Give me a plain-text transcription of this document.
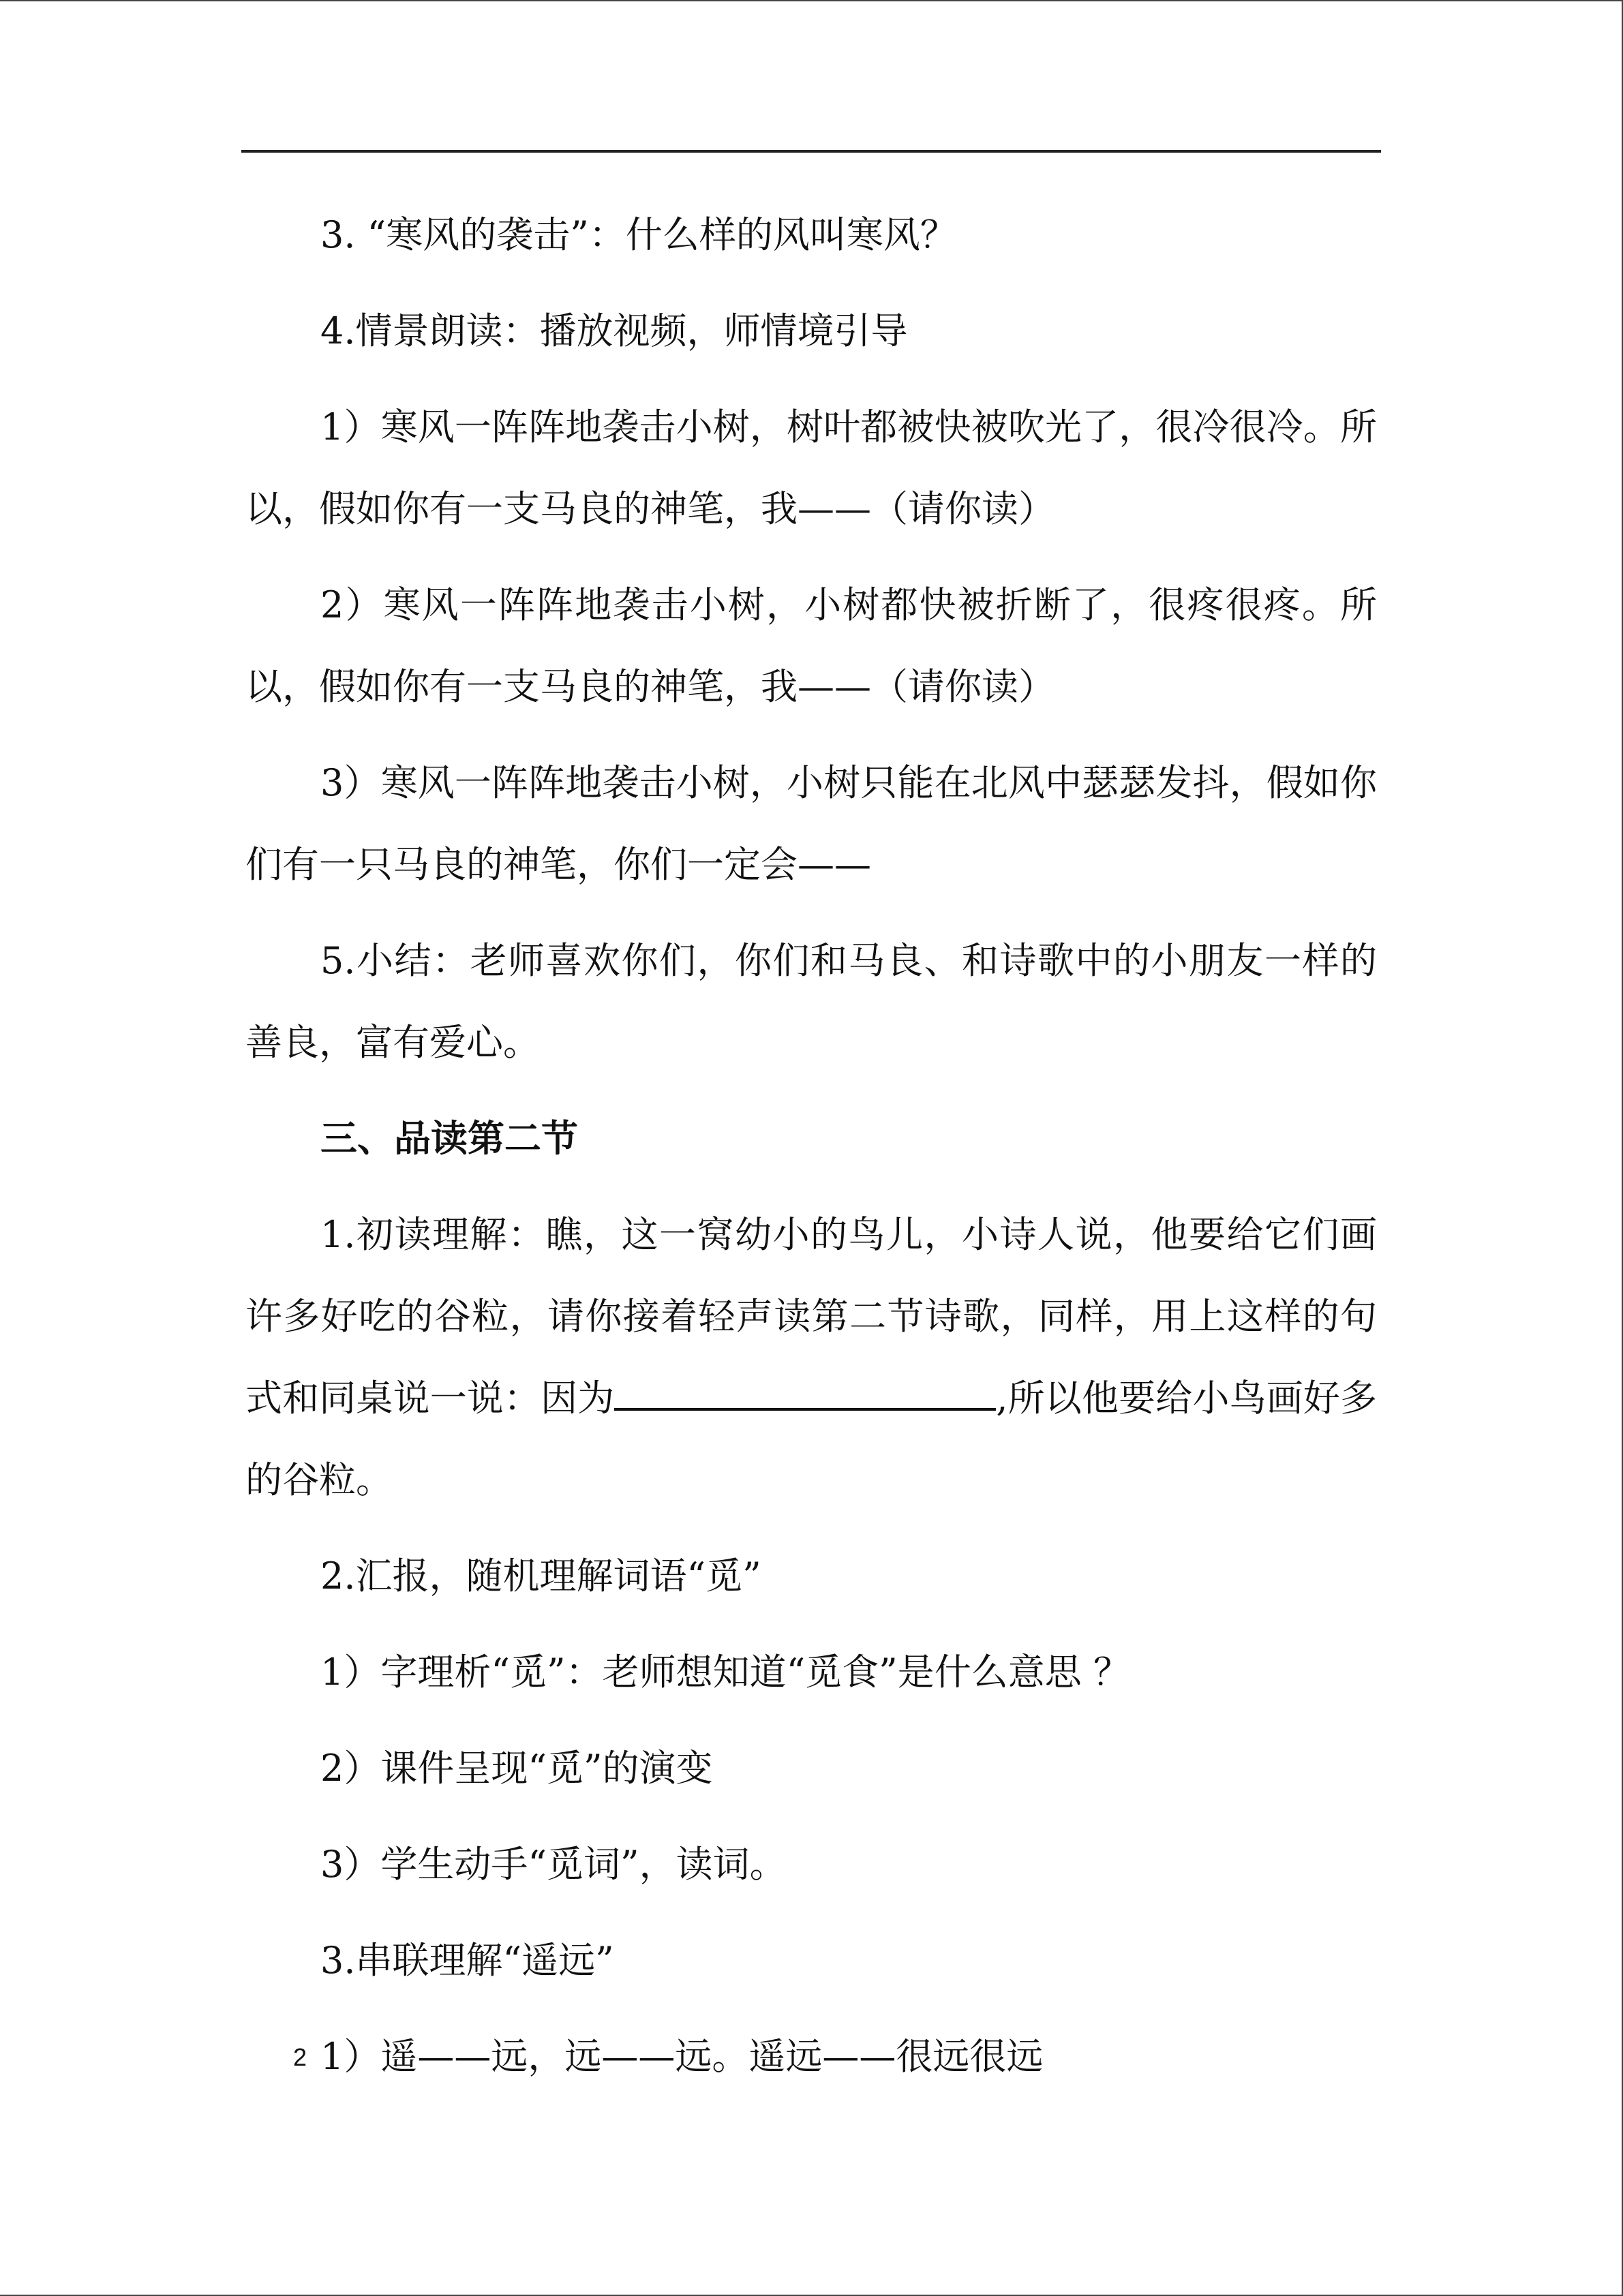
3. “寒风的袭击”：什么样的风叫寒风？

4.情景朗读：播放视频，师情境引导

1）寒风一阵阵地袭击小树，树叶都被快被吹光了，很冷很冷。所以，假如你有一支马良的神笔，我——（请你读）

2）寒风一阵阵地袭击小树，小树都快被折断了，很疼很疼。所以，假如你有一支马良的神笔，我——（请你读）

3）寒风一阵阵地袭击小树，小树只能在北风中瑟瑟发抖，假如你们有一只马良的神笔，你们一定会——

5.小结：老师喜欢你们，你们和马良、和诗歌中的小朋友一样的善良，富有爱心。

三、品读第二节

1.初读理解：瞧，这一窝幼小的鸟儿，小诗人说，他要给它们画许多好吃的谷粒，请你接着轻声读第二节诗歌，同样，用上这样的句式和同桌说一说：因为	,所以他要给小鸟画好多的谷粒。

2.汇报，随机理解词语“觅”

1）字理析“觅”：老师想知道“觅食”是什么意思 ？

2）课件呈现“觅”的演变

3）学生动手“觅词”，读词。

3.串联理解“遥远”

1）遥——远，远——远。遥远——很远很远

2
